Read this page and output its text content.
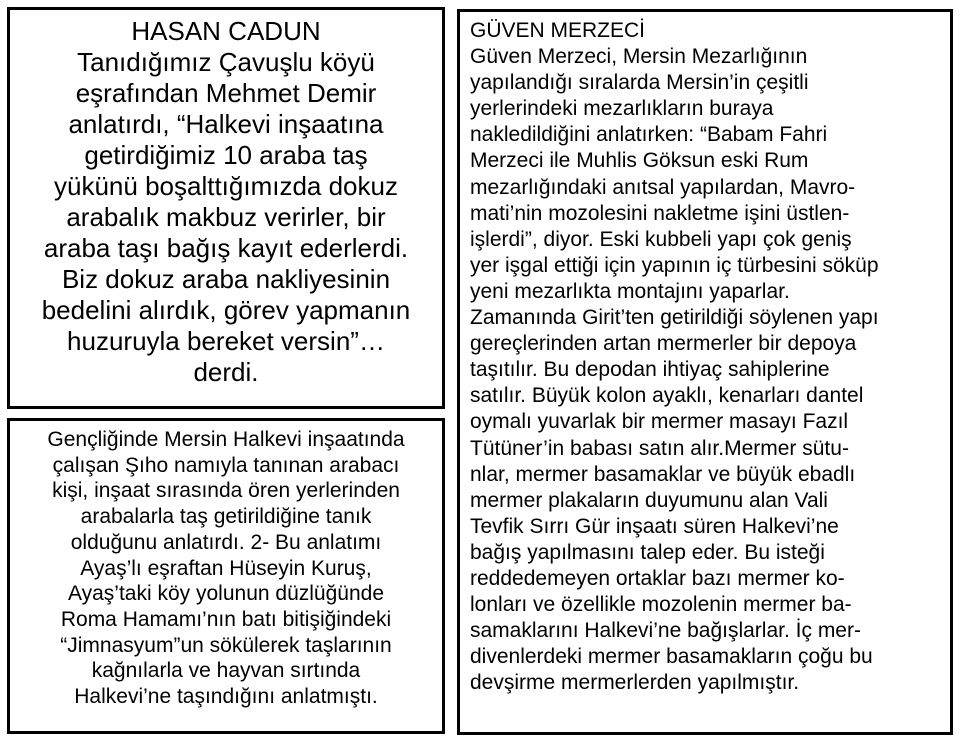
HASAN CADUN
Tanıdığımız Çavuşlu köyü
eşrafından Mehmet Demir
anlatırdı, “Halkevi inşaatına
getirdiğimiz 10 araba taş
yükünü boşalttığımızda dokuz
arabalık makbuz verirler, bir
araba taşı bağış kayıt ederlerdi.
Biz dokuz araba nakliyesinin
bedelini alırdık, görev yapmanın
huzuruyla bereket versin”…
derdi.
Gençliğinde Mersin Halkevi inşaatında
çalışan Şıho namıyla tanınan arabacı
kişi, inşaat sırasında ören yerlerinden
arabalarla taş getirildiğine tanık
olduğunu anlatırdı. 2- Bu anlatımı
Ayaş’lı eşraftan Hüseyin Kuruş,
Ayaş’taki köy yolunun düzlüğünde
Roma Hamamı’nın batı bitişiğindeki
“Jimnasyum”un sökülerek taşlarının
kağnılarla ve hayvan sırtında
Halkevi’ne taşındığını anlatmıştı.
GÜVEN MERZECİ
Güven Merzeci, Mersin Mezarlığının
yapılandığı sıralarda Mersin’in çeşitli
yerlerindeki mezarlıkların buraya
nakledildiğini anlatırken: “Babam Fahri
Merzeci ile Muhlis Göksun eski Rum
mezarlığındaki anıtsal yapılardan, Mavro-
mati’nin mozolesini nakletme işini üstlen-
işlerdi”, diyor. Eski kubbeli yapı çok geniş
yer işgal ettiği için yapının iç türbesini söküp
yeni mezarlıkta montajını yaparlar.
Zamanında Girit’ten getirildiği söylenen yapı
gereçlerinden artan mermerler bir depoya
taşıtılır. Bu depodan ihtiyaç sahiplerine
satılır. Büyük kolon ayaklı, kenarları dantel
oymalı yuvarlak bir mermer masayı Fazıl
Tütüner’in babası satın alır.Mermer sütu-
nlar, mermer basamaklar ve büyük ebadlı
mermer plakaların duyumunu alan Vali
Tevfik Sırrı Gür inşaatı süren Halkevi’ne
bağış yapılmasını talep eder. Bu isteği
reddedemeyen ortaklar bazı mermer ko-
lonları ve özellikle mozolenin mermer ba-
samaklarını Halkevi’ne bağışlarlar. İç mer-
divenlerdeki mermer basamakların çoğu bu
devşirme mermerlerden yapılmıştır.
